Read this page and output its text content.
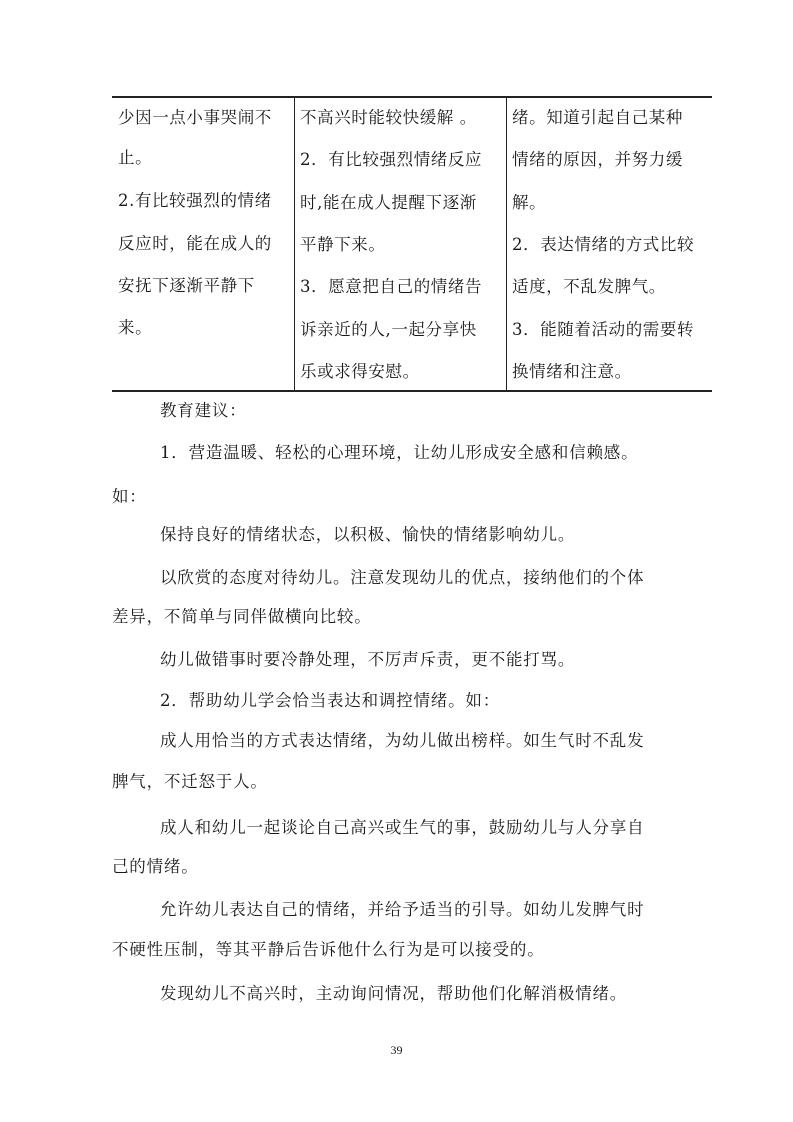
少因一点小事哭闹不
止。
2.有比较强烈的情绪
反应时，能在成人的
安抚下逐渐平静下
来。
不高兴时能较快缓解 。
2．有比较强烈情绪反应
时,能在成人提醒下逐渐
平静下来。
3．愿意把自己的情绪告
诉亲近的人,一起分享快
乐或求得安慰。
绪。知道引起自己某种
情绪的原因，并努力缓
解。
2．表达情绪的方式比较
适度，不乱发脾气。
3．能随着活动的需要转
换情绪和注意。
教育建议：
1．营造温暖、轻松的心理环境，让幼儿形成安全感和信赖感。
如：
保持良好的情绪状态，以积极、愉快的情绪影响幼儿。
以欣赏的态度对待幼儿。注意发现幼儿的优点，接纳他们的个体
差异，不简单与同伴做横向比较。
幼儿做错事时要冷静处理，不厉声斥责，更不能打骂。
2．帮助幼儿学会恰当表达和调控情绪。如：
成人用恰当的方式表达情绪，为幼儿做出榜样。如生气时不乱发
脾气，不迁怒于人。
成人和幼儿一起谈论自己高兴或生气的事，鼓励幼儿与人分享自
己的情绪。
允许幼儿表达自己的情绪，并给予适当的引导。如幼儿发脾气时
不硬性压制，等其平静后告诉他什么行为是可以接受的。
发现幼儿不高兴时，主动询问情况，帮助他们化解消极情绪。
39
